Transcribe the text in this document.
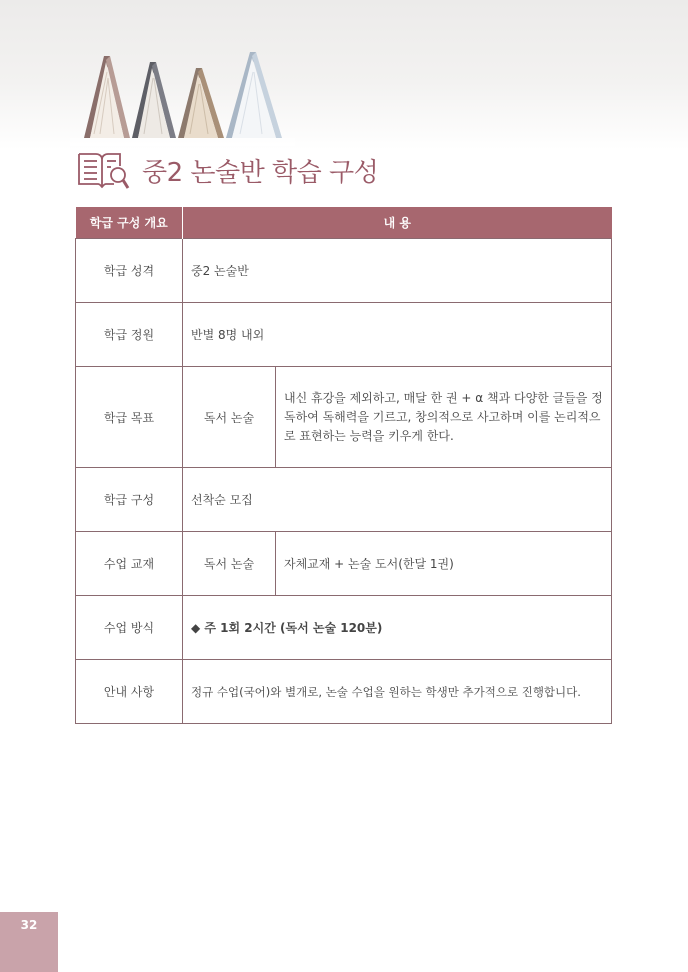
중2 논술반 학습 구성
학급 구성 개요	내 용	
학급 성격	중2 논술반	
학급 정원	반별 8명 내외	
학급 목표	독서 논술	내신 휴강을 제외하고, 매달 한 권 + α 책과 다양한 글들을 정독하여 독해력을 기르고, 창의적으로 사고하며 이를 논리적으로 표현하는 능력을 키우게 한다.
학급 구성	선착순 모집	
수업 교재	독서 논술	자체교재 + 논술 도서(한달 1권)
수업 방식	◆ 주 1회 2시간 (독서 논술 120분)	
안내 사항	정규 수업(국어)와 별개로, 논술 수업을 원하는 학생만 추가적으로 진행합니다.	
32
